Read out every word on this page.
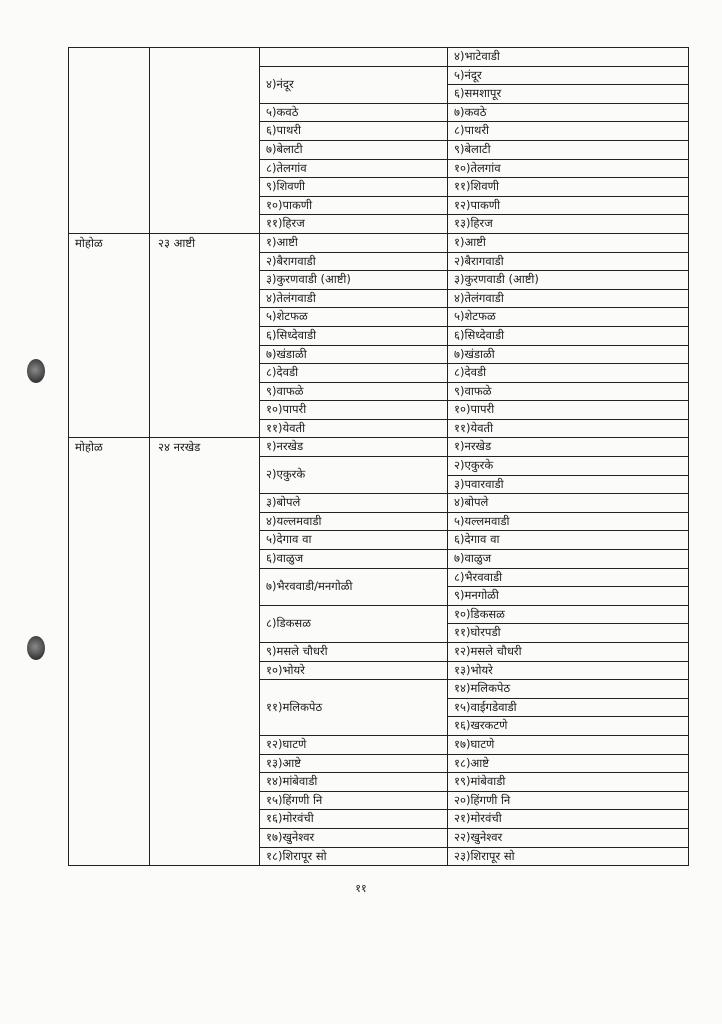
			४)भाटेवाडी
		४)नंदूर	५)नंदूर
			६)समशापूर
		५)कवठे	७)कवठे
		६)पाथरी	८)पाथरी
		७)बेलाटी	९)बेलाटी
		८)तेलगांव	१०)तेलगांव
		९)शिवणी	११)शिवणी
		१०)पाकणी	१२)पाकणी
		११)हिरज	१३)हिरज
मोहोळ	२३ आष्टी	१)आष्टी	१)आष्टी
		२)बैरागवाडी	२)बैरागवाडी
		३)कुरणवाडी (आष्टी)	३)कुरणवाडी (आष्टी)
		४)तेलंगवाडी	४)तेलंगवाडी
		५)शेटफळ	५)शेटफळ
		६)सिध्देवाडी	६)सिध्देवाडी
		७)खंडाळी	७)खंडाळी
		८)देवडी	८)देवडी
		९)वाफळे	९)वाफळे
		१०)पापरी	१०)पापरी
		११)येवती	११)येवती
मोहोळ	२४ नरखेड	१)नरखेड	१)नरखेड
		२)एकुरके	२)एकुरके
			३)पवारवाडी
		३)बोपले	४)बोपले
		४)यल्लमवाडी	५)यल्लमवाडी
		५)देगाव वा	६)देगाव वा
		६)वाळुज	७)वाळुज
		७)भैरववाडी/मनगोळी	८)भैरववाडी
			९)मनगोळी
		८)डिकसळ	१०)डिकसळ
			११)घोरपडी
		९)मसले चौधरी	१२)मसले चौधरी
		१०)भोयरे	१३)भोयरे
		११)मलिकपेठ	१४)मलिकपेठ
			१५)वाईगडेवाडी
			१६)खरकटणे
		१२)घाटणे	१७)घाटणे
		१३)आष्टे	१८)आष्टे
		१४)मांबेवाडी	१९)मांबेवाडी
		१५)हिंगणी नि	२०)हिंगणी नि
		१६)मोरवंची	२१)मोरवंची
		१७)खुनेश्वर	२२)खुनेश्वर
		१८)शिरापूर सो	२३)शिरापूर सो
११
